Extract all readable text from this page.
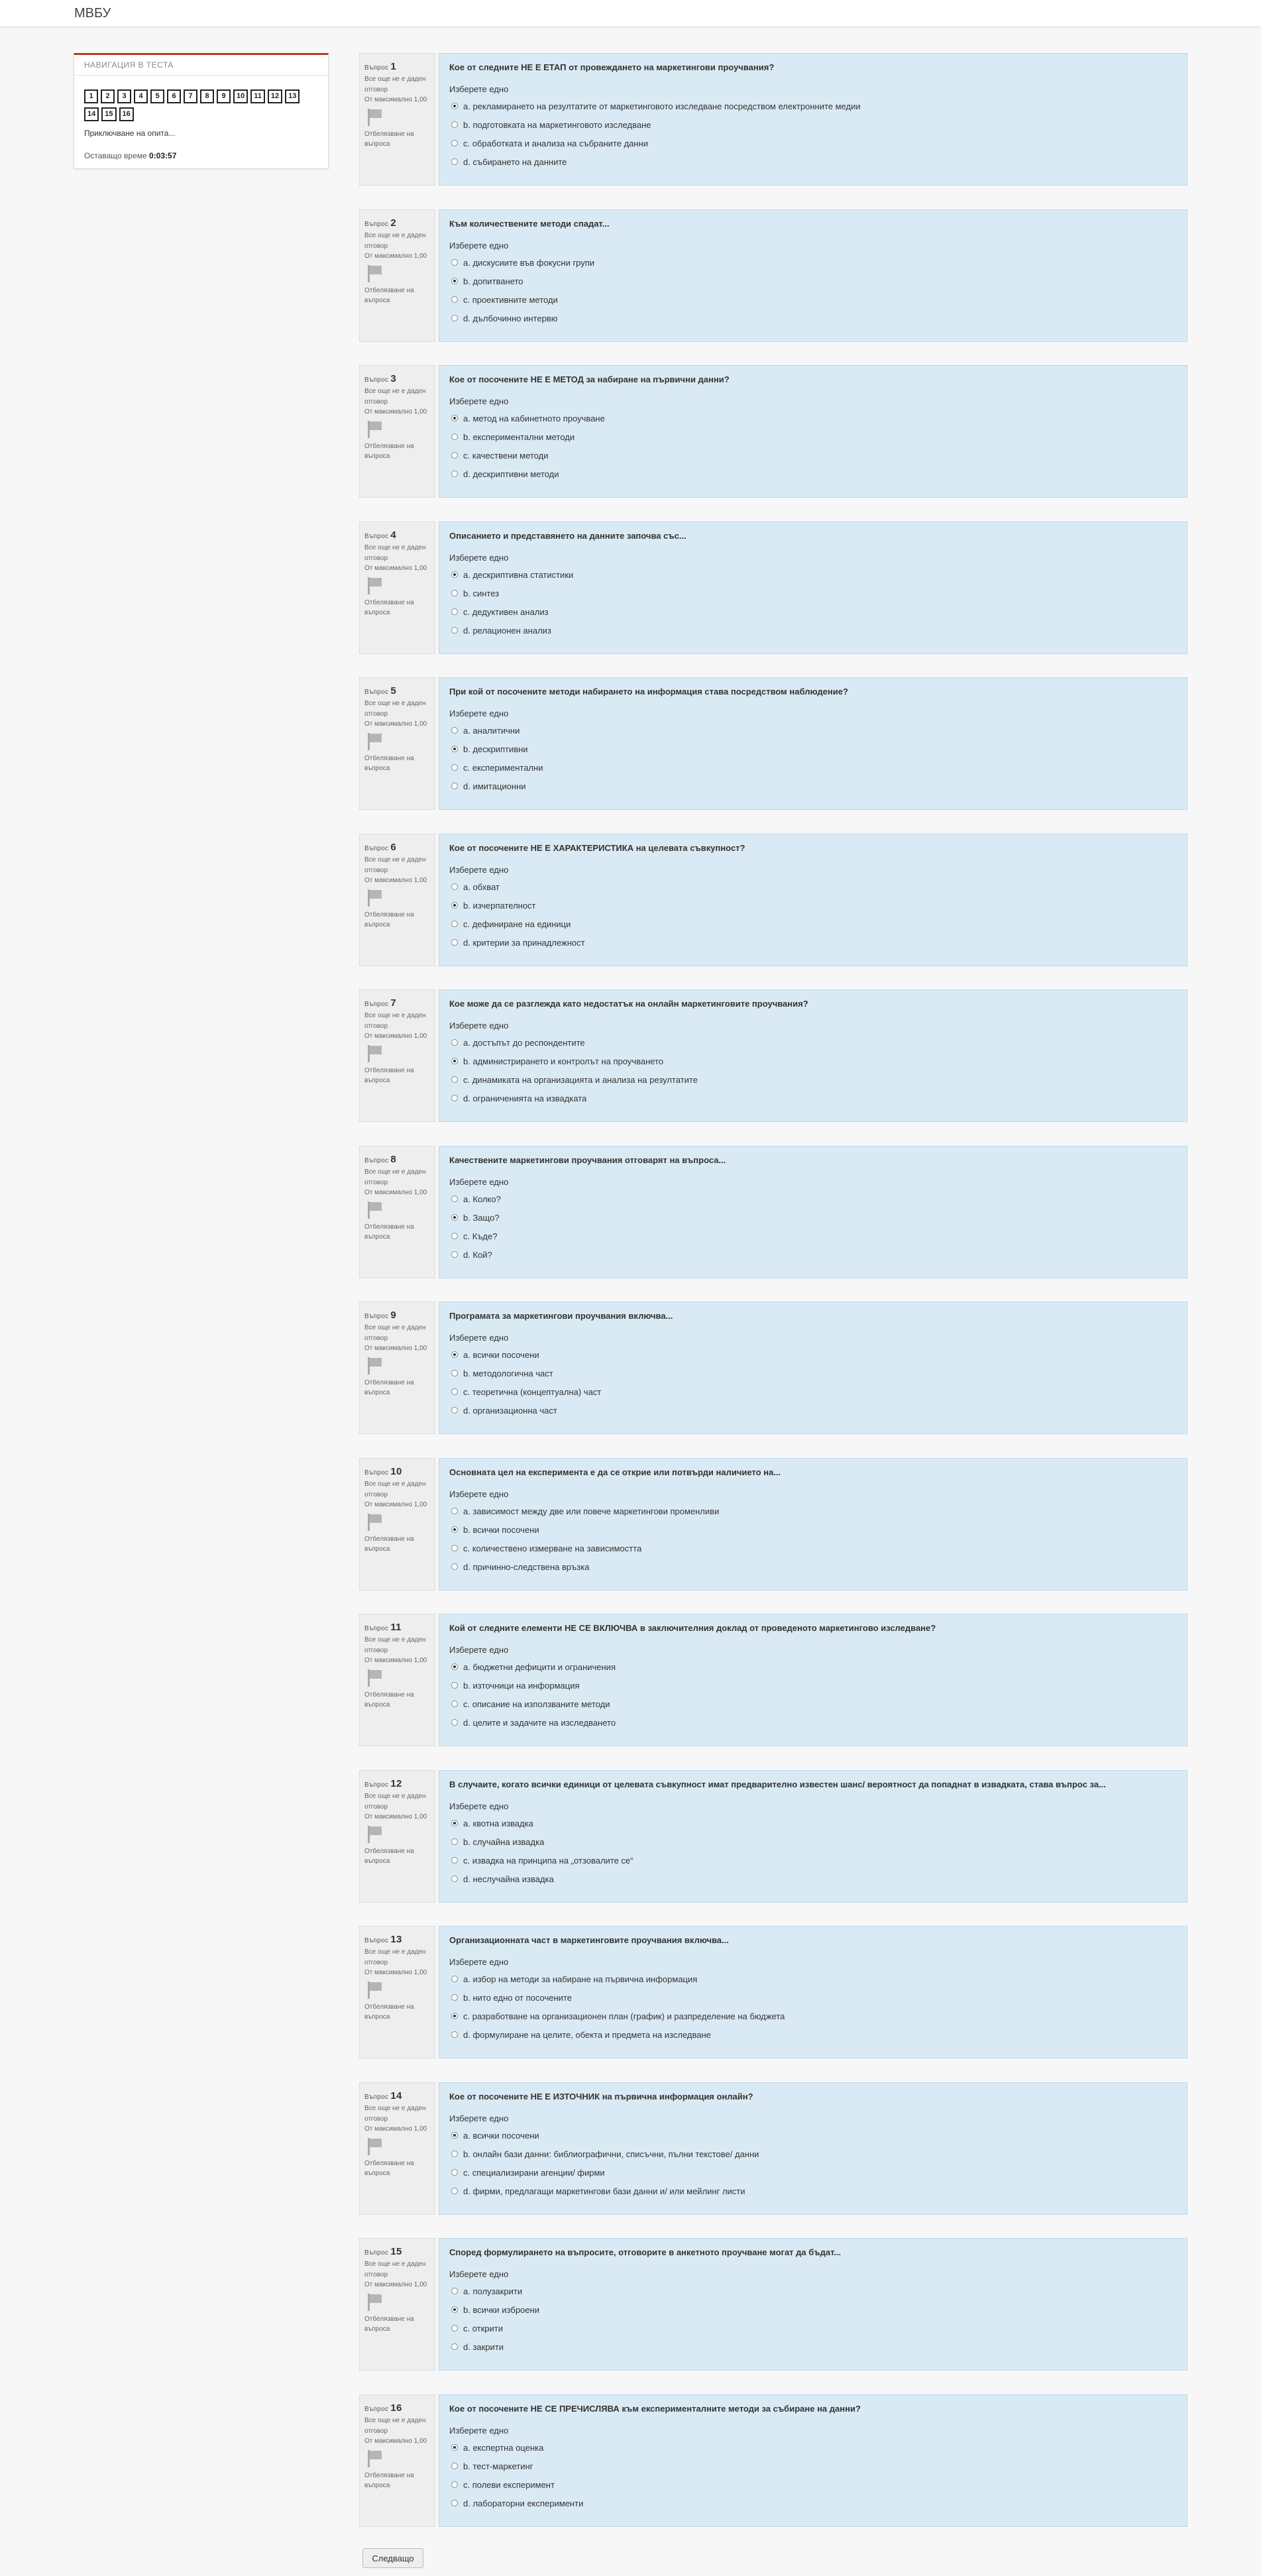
МВБУ
НАВИГАЦИЯ В ТЕСТА
1 2 3 4 5 6 7 8 9 10 11 12 13
14 15 16
Приключване на опита...
Оставащо време 0:03:57
Въпрос 1
Все още не е даден отговор
От максимално 1,00
Отбелязване на въпроса
Кое от следните НЕ Е ЕТАП от провеждането на маркетингови проучвания?
Изберете едно
a. рекламирането на резултатите от маркетинговото изследване посредством електронните медии
b. подготовката на маркетинговото изследване
c. обработката и анализа на събраните данни
d. събирането на данните
Въпрос 2
Все още не е даден отговор
От максимално 1,00
Отбелязване на въпроса
Към количествените методи спадат...
Изберете едно
a. дискусиите във фокусни групи
b. допитването
c. проективните методи
d. дълбочинно интервю
Въпрос 3
Все още не е даден отговор
От максимално 1,00
Отбелязване на въпроса
Кое от посочените НЕ Е МЕТОД за набиране на първични данни?
Изберете едно
a. метод на кабинетното проучване
b. експериментални методи
c. качествени методи
d. дескриптивни методи
Въпрос 4
Все още не е даден отговор
От максимално 1,00
Отбелязване на въпроса
Описанието и представянето на данните започва със...
Изберете едно
a. дескриптивна статистики
b. синтез
c. дедуктивен анализ
d. релационен анализ
Въпрос 5
Все още не е даден отговор
От максимално 1,00
Отбелязване на въпроса
При кой от посочените методи набирането на информация става посредством наблюдение?
Изберете едно
a. аналитични
b. дескриптивни
c. експериментални
d. имитационни
Въпрос 6
Все още не е даден отговор
От максимално 1,00
Отбелязване на въпроса
Кое от посочените НЕ Е ХАРАКТЕРИСТИКА на целевата съвкупност?
Изберете едно
a. обхват
b. изчерпателност
c. дефиниране на единици
d. критерии за принадлежност
Въпрос 7
Все още не е даден отговор
От максимално 1,00
Отбелязване на въпроса
Кое може да се разглежда като недостатък на онлайн маркетинговите проучвания?
Изберете едно
a. достъпът до респондентите
b. администрирането и контролът на проучването
c. динамиката на организацията и анализа на резултатите
d. ограниченията на извадката
Въпрос 8
Все още не е даден отговор
От максимално 1,00
Отбелязване на въпроса
Качествените маркетингови проучвания отговарят на въпроса...
Изберете едно
a. Колко?
b. Защо?
c. Къде?
d. Кой?
Въпрос 9
Все още не е даден отговор
От максимално 1,00
Отбелязване на въпроса
Програмата за маркетингови проучвания включва...
Изберете едно
a. всички посочени
b. методологична част
c. теоретична (концептуална) част
d. организационна част
Въпрос 10
Все още не е даден отговор
От максимално 1,00
Отбелязване на въпроса
Основната цел на експеримента е да се открие или потвърди наличието на...
Изберете едно
a. зависимост между две или повече маркетингови променливи
b. всички посочени
c. количествено измерване на зависимостта
d. причинно-следствена връзка
Въпрос 11
Все още не е даден отговор
От максимално 1,00
Отбелязване на въпроса
Кой от следните елементи НЕ СЕ ВКЛЮЧВА в заключителния доклад от проведеното маркетингово изследване?
Изберете едно
a. бюджетни дефицити и ограничения
b. източници на информация
c. описание на използваните методи
d. целите и задачите на изследването
Въпрос 12
Все още не е даден отговор
От максимално 1,00
Отбелязване на въпроса
В случаите, когато всички единици от целевата съвкупност имат предварително известен шанс/ вероятност да попаднат в извадката, става въпрос за...
Изберете едно
a. квотна извадка
b. случайна извадка
c. извадка на принципа на „отзовалите се“
d. неслучайна извадка
Въпрос 13
Все още не е даден отговор
От максимално 1,00
Отбелязване на въпроса
Организационната част в маркетинговите проучвания включва...
Изберете едно
a. избор на методи за набиране на първична информация
b. нито едно от посочените
c. разработване на организационен план (график) и разпределение на бюджета
d. формулиране на целите, обекта и предмета на изследване
Въпрос 14
Все още не е даден отговор
От максимално 1,00
Отбелязване на въпроса
Кое от посочените НЕ Е ИЗТОЧНИК на първична информация онлайн?
Изберете едно
a. всички посочени
b. онлайн бази данни: библиографични, списъчни, пълни текстове/ данни
c. специализирани агенции/ фирми
d. фирми, предлагащи маркетингови бази данни и/ или мейлинг листи
Въпрос 15
Все още не е даден отговор
От максимално 1,00
Отбелязване на въпроса
Според формулирането на въпросите, отговорите в анкетното проучване могат да бъдат...
Изберете едно
a. полузакрити
b. всички изброени
c. открити
d. закрити
Въпрос 16
Все още не е даден отговор
От максимално 1,00
Отбелязване на въпроса
Кое от посочените НЕ СЕ ПРЕЧИСЛЯВА към експерименталните методи за събиране на данни?
Изберете едно
a. експертна оценка
b. тест-маркетинг
c. полеви експеримент
d. лабораторни експерименти
Следващо
